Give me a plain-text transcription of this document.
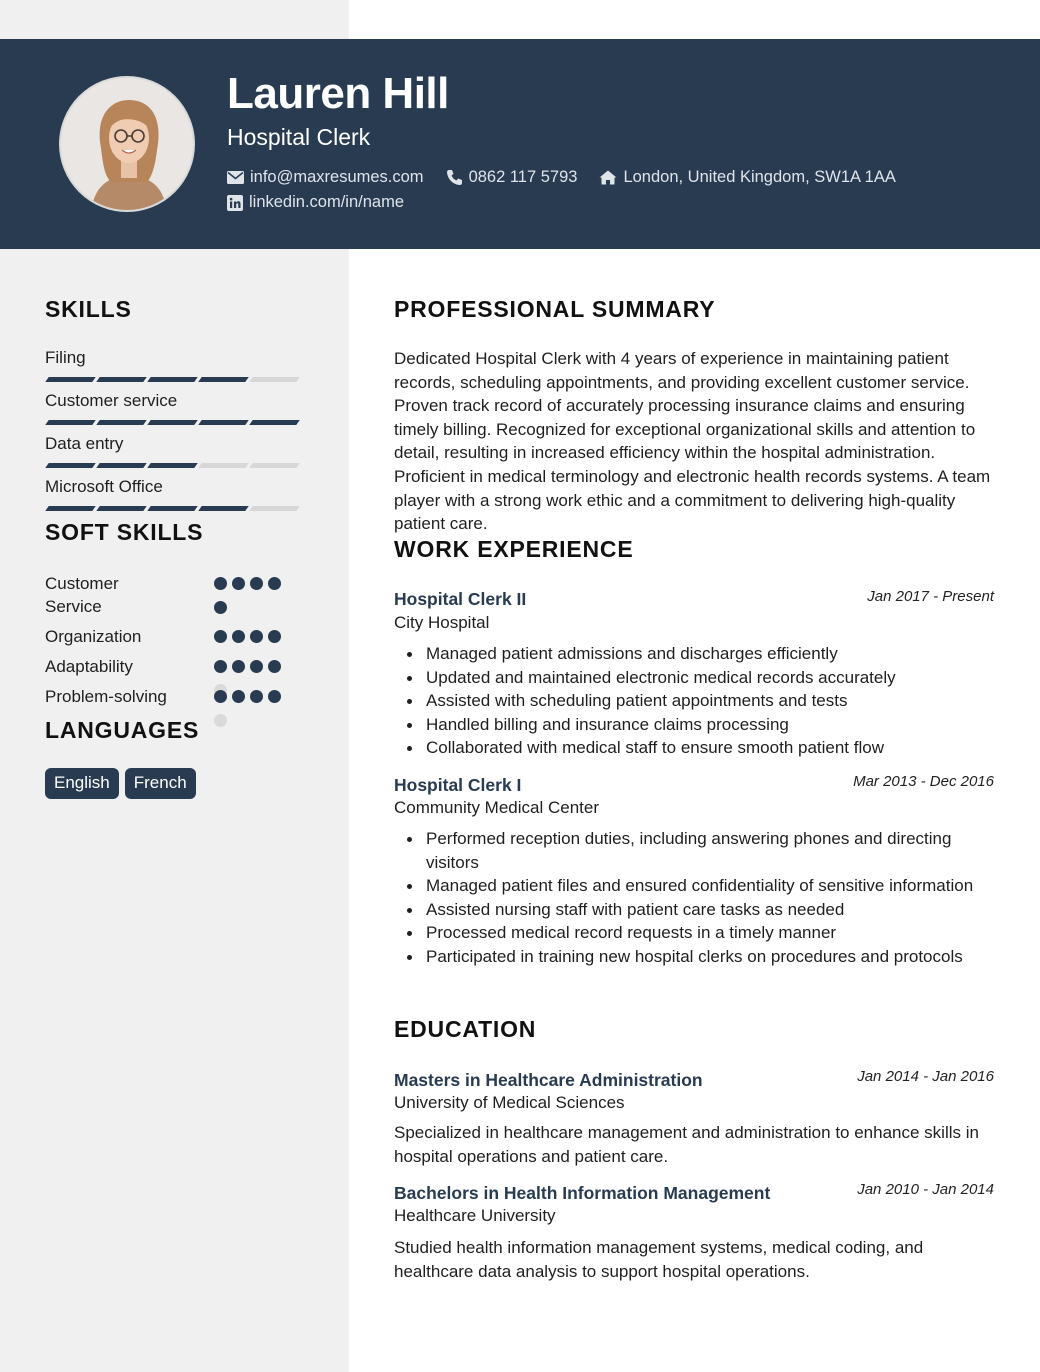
Lauren Hill
Hospital Clerk
info@maxresumes.com	0862 117 5793	London, United Kingdom, SW1A 1AA
linkedin.com/in/name
SKILLS
Filing
Customer service
Data entry
Microsoft Office
SOFT SKILLS
Customer Service
Organization
Adaptability
Problem-solving
LANGUAGES
English	French
PROFESSIONAL SUMMARY
Dedicated Hospital Clerk with 4 years of experience in maintaining patient records, scheduling appointments, and providing excellent customer service. Proven track record of accurately processing insurance claims and ensuring timely billing. Recognized for exceptional organizational skills and attention to detail, resulting in increased efficiency within the hospital administration. Proficient in medical terminology and electronic health records systems. A team player with a strong work ethic and a commitment to delivering high-quality patient care.
WORK EXPERIENCE
Hospital Clerk II	Jan 2017 - Present
City Hospital
Managed patient admissions and discharges efficiently
Updated and maintained electronic medical records accurately
Assisted with scheduling patient appointments and tests
Handled billing and insurance claims processing
Collaborated with medical staff to ensure smooth patient flow
Hospital Clerk I	Mar 2013 - Dec 2016
Community Medical Center
Performed reception duties, including answering phones and directing visitors
Managed patient files and ensured confidentiality of sensitive information
Assisted nursing staff with patient care tasks as needed
Processed medical record requests in a timely manner
Participated in training new hospital clerks on procedures and protocols
EDUCATION
Masters in Healthcare Administration	Jan 2014 - Jan 2016
University of Medical Sciences
Specialized in healthcare management and administration to enhance skills in hospital operations and patient care.
Bachelors in Health Information Management	Jan 2010 - Jan 2014
Healthcare University
Studied health information management systems, medical coding, and healthcare data analysis to support hospital operations.
